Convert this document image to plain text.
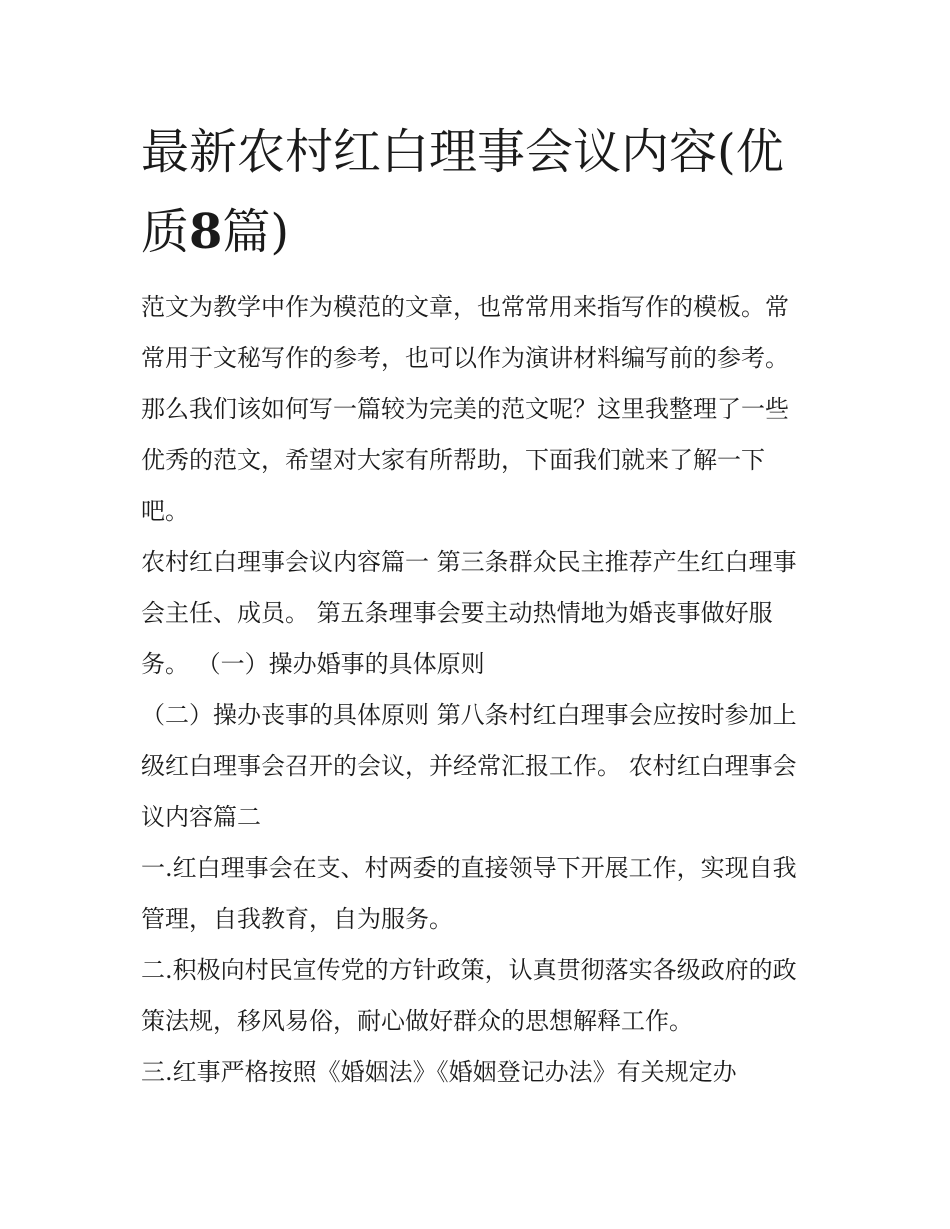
最新农村红白理事会议内容(优质8篇)

范文为教学中作为模范的文章，也常常用来指写作的模板。常常用于文秘写作的参考，也可以作为演讲材料编写前的参考。那么我们该如何写一篇较为完美的范文呢？这里我整理了一些优秀的范文，希望对大家有所帮助，下面我们就来了解一下吧。

农村红白理事会议内容篇一 第三条群众民主推荐产生红白理事会主任、成员。 第五条理事会要主动热情地为婚丧事做好服务。 （一）操办婚事的具体原则

（二）操办丧事的具体原则 第八条村红白理事会应按时参加上级红白理事会召开的会议，并经常汇报工作。 农村红白理事会议内容篇二

一.红白理事会在支、村两委的直接领导下开展工作，实现自我管理，自我教育，自为服务。

二.积极向村民宣传党的方针政策，认真贯彻落实各级政府的政策法规，移风易俗，耐心做好群众的思想解释工作。

三.红事严格按照《婚姻法》《婚姻登记办法》有关规定办
